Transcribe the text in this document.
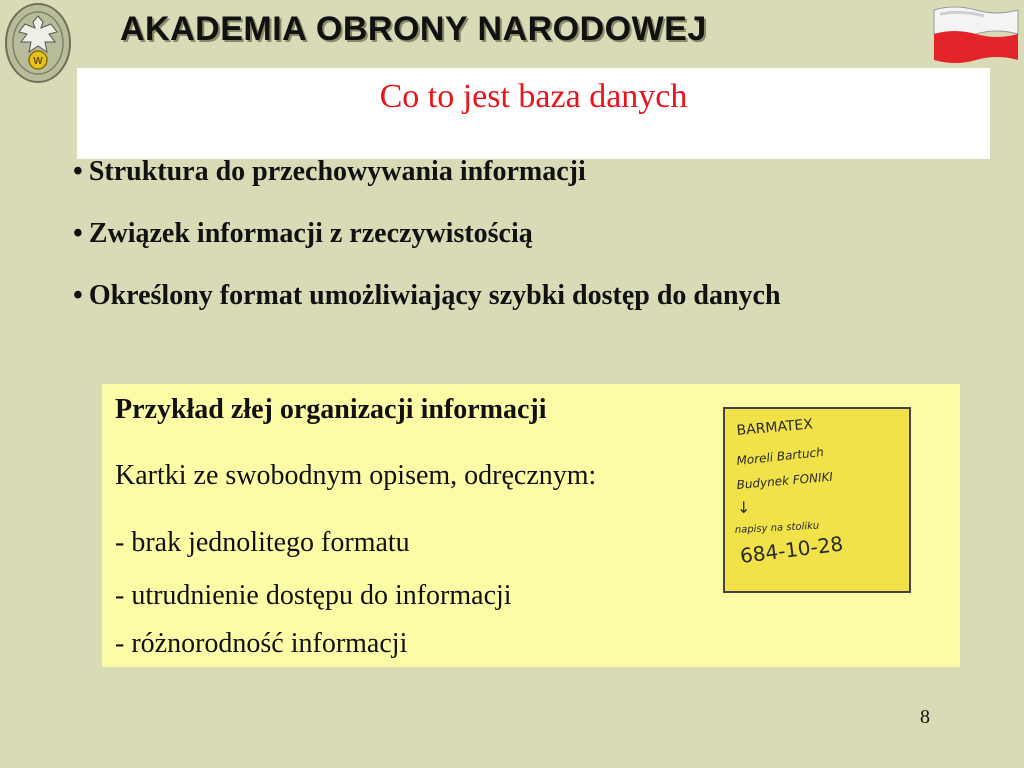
W
AKADEMIA OBRONY NARODOWEJ
Co to jest baza danych
• Struktura do przechowywania informacji
• Związek informacji z rzeczywistością
• Określony format umożliwiający szybki dostęp do danych
Przykład złej organizacji informacji
Kartki ze swobodnym opisem, odręcznym:
- brak jednolitego formatu
- utrudnienie dostępu do informacji
- różnorodność informacji
BARMATEX
Moreli Bartuch
Budynek FONIKI
↓
napisy na stoliku
684-10-28
8
